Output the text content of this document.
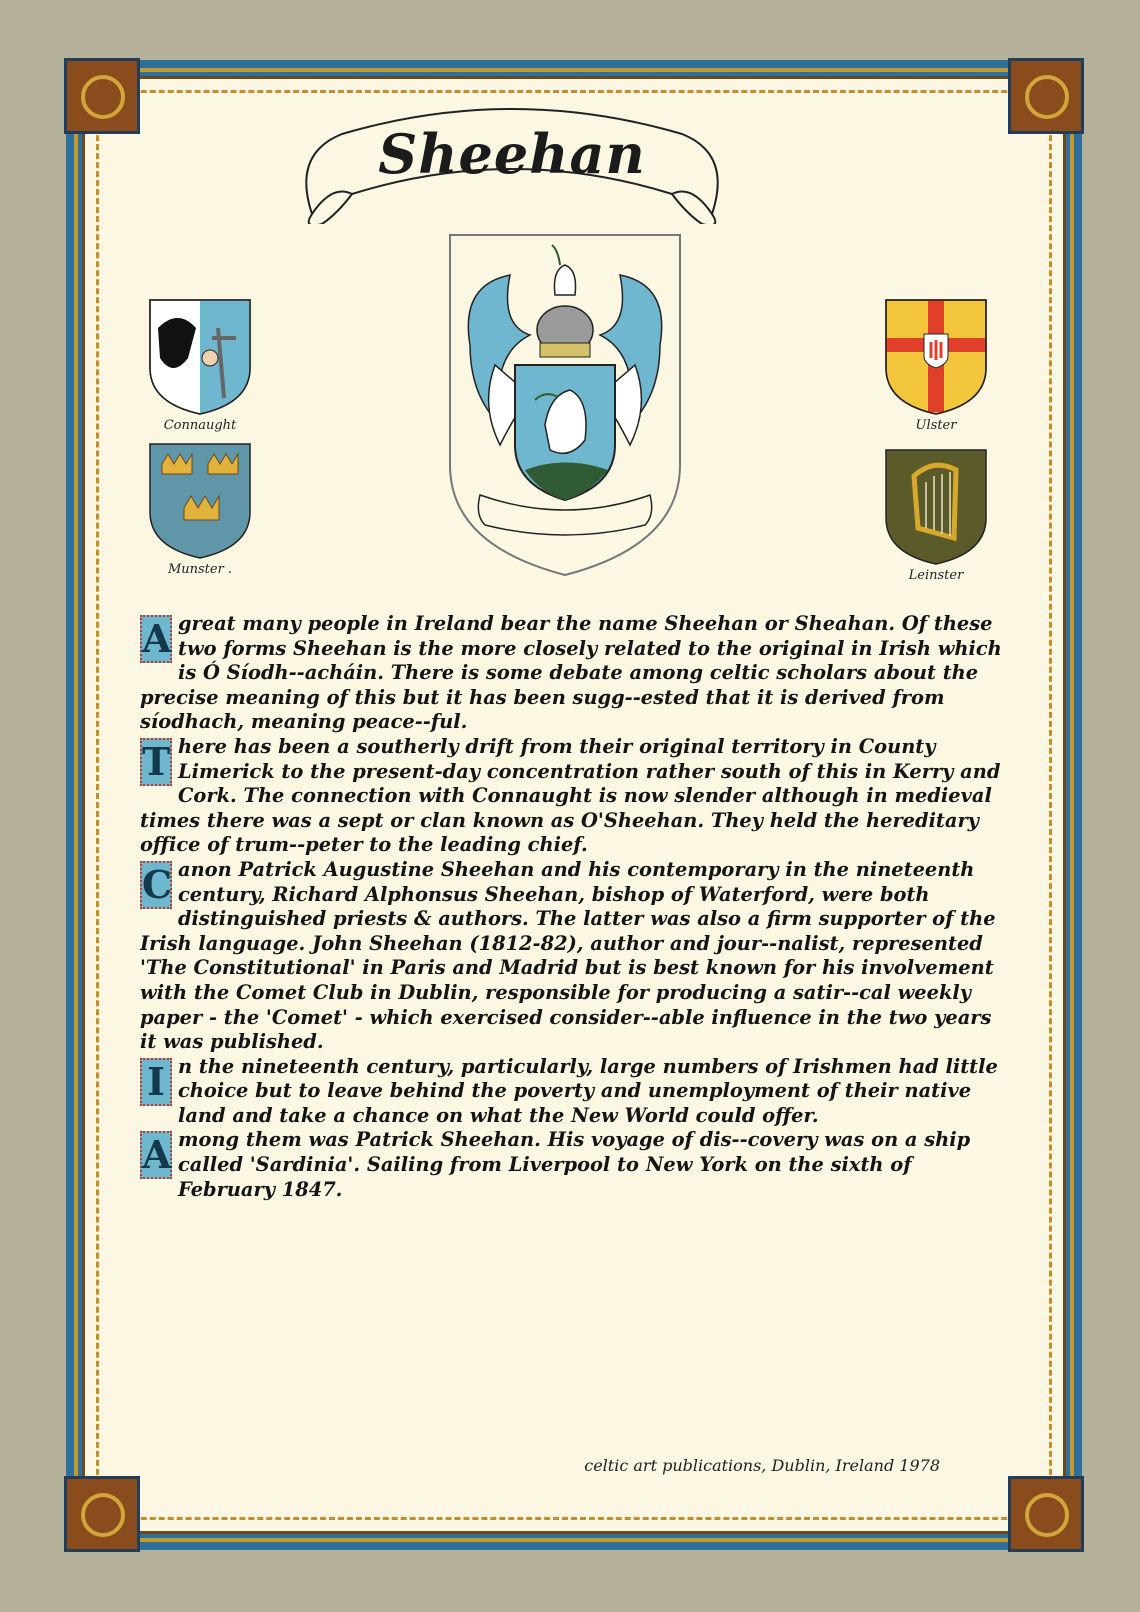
Sheehan
Connaught
Munster .
Ulster
Leinster

A great many people in Ireland bear the name Sheehan or Sheahan. Of these two forms Sheehan is the more closely related to the original in Irish which is Ó Síodh--acháin. There is some debate among celtic scholars about the precise meaning of this but it has been sugg--ested that it is derived from síodhach, meaning peace--ful.

T here has been a southerly drift from their original territory in County Limerick to the present-day concentration rather south of this in Kerry and Cork. The connection with Connaught is now slender although in medieval times there was a sept or clan known as O'Sheehan. They held the hereditary office of trum--peter to the leading chief.

C anon Patrick Augustine Sheehan and his contemporary in the nineteenth century, Richard Alphonsus Sheehan, bishop of Waterford, were both distinguished priests & authors. The latter was also a firm supporter of the Irish language. John Sheehan (1812-82), author and jour--nalist, represented 'The Constitutional' in Paris and Madrid but is best known for his involvement with the Comet Club in Dublin, responsible for producing a satir--cal weekly paper - the 'Comet' - which exercised consider--able influence in the two years it was published.

I n the nineteenth century, particularly, large numbers of Irishmen had little choice but to leave behind the poverty and unemployment of their native land and take a chance on what the New World could offer.

A mong them was Patrick Sheehan. His voyage of dis--covery was on a ship called 'Sardinia'. Sailing from Liverpool to New York on the sixth of February 1847.

celtic art publications, Dublin, Ireland 1978
